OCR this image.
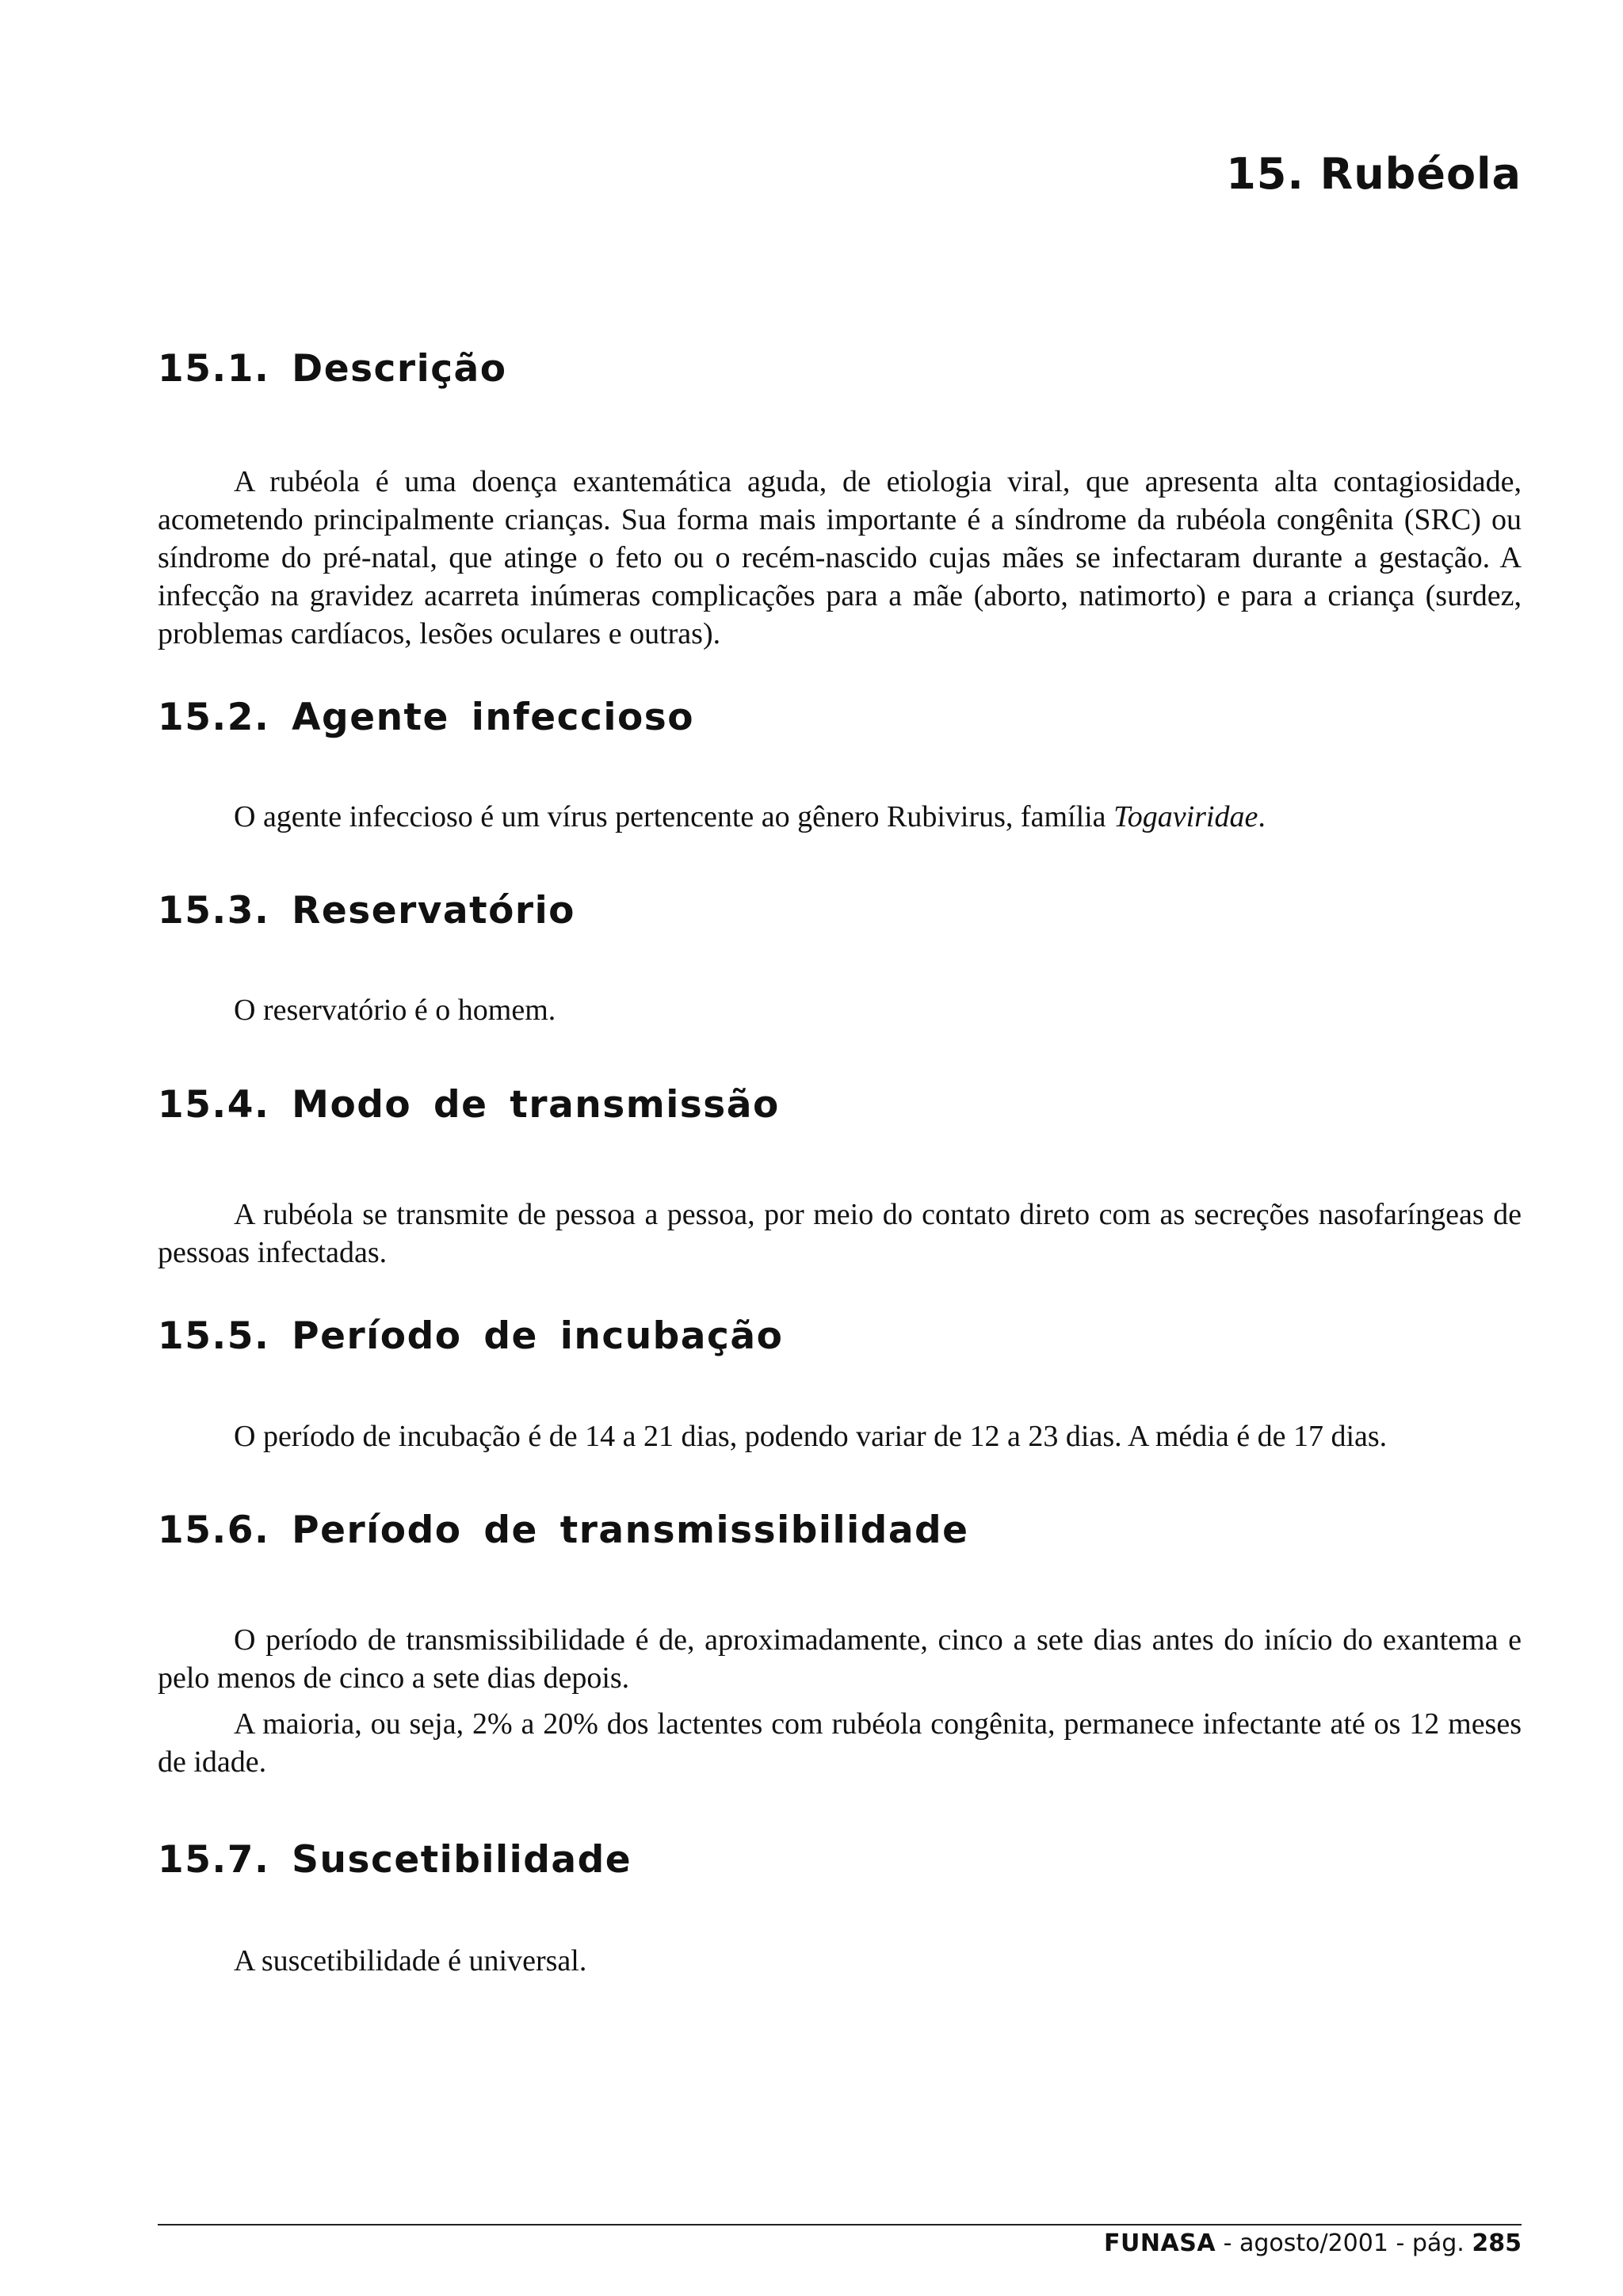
15. Rubéola
15.1. Descrição

A rubéola é uma doença exantemática aguda, de etiologia viral, que apresenta alta contagiosidade, acometendo principalmente crianças. Sua forma mais importante é a síndrome da rubéola congênita (SRC) ou síndrome do pré-natal, que atinge o feto ou o recém-nascido cujas mães se infectaram durante a gestação. A infecção na gravidez acarreta inúmeras complicações para a mãe (aborto, natimorto) e para a criança (surdez, problemas cardíacos, lesões oculares e outras).

15.2. Agente infeccioso

O agente infeccioso é um vírus pertencente ao gênero Rubivirus, família Togaviridae.

15.3. Reservatório

O reservatório é o homem.

15.4. Modo de transmissão

A rubéola se transmite de pessoa a pessoa, por meio do contato direto com as secreções nasofaríngeas de pessoas infectadas.

15.5. Período de incubação

O período de incubação é de 14 a 21 dias, podendo variar de 12 a 23 dias. A média é de 17 dias.

15.6. Período de transmissibilidade

O período de transmissibilidade é de, aproximadamente, cinco a sete dias antes do início do exantema e pelo menos de cinco a sete dias depois.

A maioria, ou seja, 2% a 20% dos lactentes com rubéola congênita, permanece infectante até os 12 meses de idade.

15.7. Suscetibilidade

A suscetibilidade é universal.

FUNASA - agosto/2001 - pág. 285
